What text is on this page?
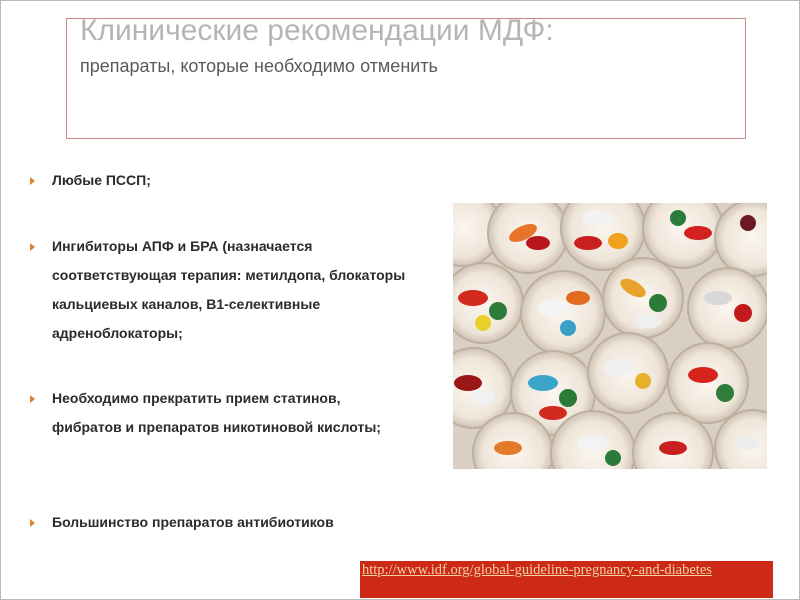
Клинические рекомендации МДФ:
препараты, которые необходимо отменить
Любые ПССП;
Ингибиторы АПФ и БРА (назначается соответствующая терапия: метилдопа, блокаторы кальциевых каналов, В1-селективные адреноблокаторы;
Необходимо прекратить прием статинов, фибратов и препаратов никотиновой кислоты;
Большинство препаратов антибиотиков
http://www.idf.org/global-guideline-pregnancy-and-diabetes
